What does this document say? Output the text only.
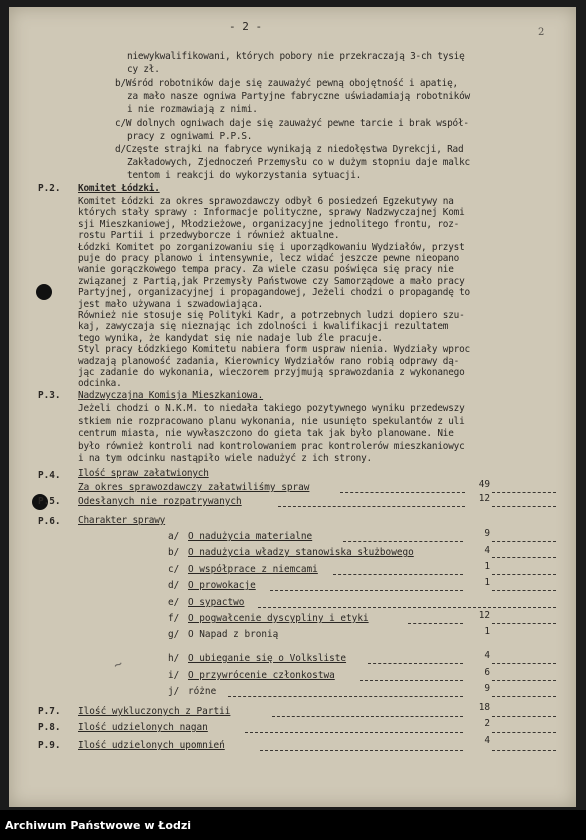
- 2 -	2
niewykwalifikowani, których pobory nie przekraczają 3-ch tysię
cy zł.
b/Wśród robotników daje się zauważyć pewną obojętność i apatię,
za mało nasze ogniwa Partyjne fabryczne uświadamiają robotników
i nie rozmawiają z nimi.
c/W dolnych ogniwach daje się zauważyć pewne tarcie i brak współ-
pracy z ogniwami P.P.S.
d/Częste strajki na fabryce wynikają z niedołęstwa Dyrekcji, Rad
Zakładowych, Zjednoczeń Przemysłu co w dużym stopniu daje malkc
tentom i reakcji do wykorzystania sytuacji.
P.2. Komitet Łódzki.
Komitet Łódzki za okres sprawozdawczy odbył 6 posiedzeń Egzekutywy na
których stały sprawy : Informacje polityczne, sprawy Nadzwyczajnej Komi
sji Mieszkaniowej, Młodzieżowe, organizacyjne jednolitego frontu, roz-
rostu Partii i przedwyborcze i również aktualne.
Łódzki Komitet po zorganizowaniu się i uporządkowaniu Wydziałów, przyst
puje do pracy planowo i intensywnie, lecz widać jeszcze pewne nieopano
wanie gorączkowego tempa pracy. Za wiele czasu poświęca się pracy nie
związanej z Partią,jak Przemysły Państwowe czy Samorządowe a mało pracy
Partyjnej, organizacyjnej i propagandowej, Jeżeli chodzi o propagandę to
jest mało używana i szwadowiająca.
Również nie stosuje się Polityki Kadr, a potrzebnych ludzi dopiero szu-
kaj, zawyczaja się nieznając ich zdolności i kwalifikacji rezultatem
tego wynika, że kandydat się nie nadaje lub źle pracuje.
Styl pracy Łódzkiego Komitetu nabiera form uspraw nienia. Wydziały wproc
wadzają planowość zadania, Kierownicy Wydziałów rano robią odprawy dą-
jąc zadanie do wykonania, wieczorem przyjmują sprawozdania z wykonanego
odcinka.
P.3. Nadzwyczajna Komisja Mieszkaniowa.
Jeżeli chodzi o N.K.M. to niedała takiego pozytywnego wyniku przedewszy
stkiem nie rozpracowano planu wykonania, nie usunięto spekulantów z uli
centrum miasta, nie wywłaszczono do gieta tak jak było planowane. Nie
było również kontroli nad kontrolowaniem prac kontrolerów mieszkaniowyc
i na tym odcinku nastąpiło wiele nadużyć z ich strony.
P.4. Ilość spraw załatwionych
Za okres sprawozdawczy załatwiliśmy spraw	49
P.5. Odesłanych nie rozpatrywanych	12
P.6. Charakter sprawy
a/ O nadużycia materialne	9
b/ O nadużycia władzy stanowiska służbowego	4
c/ O współprace z niemcami	1
d/ O prowokacje	1
e/ O sypactwo
f/ O pogwałcenie dyscypliny i etyki	12
g/ O Napad z bronią	1
h/ O ubieganie się o Volksliste	4
i/ O przywrócenie członkostwa	6
j/ różne	9
P.7. Ilość wykluczonych z Partii	18
P.8. Ilość udzielonych nagan	2
P.9. Ilość udzielonych upomnień	4
~
Archiwum Państwowe w Łodzi
